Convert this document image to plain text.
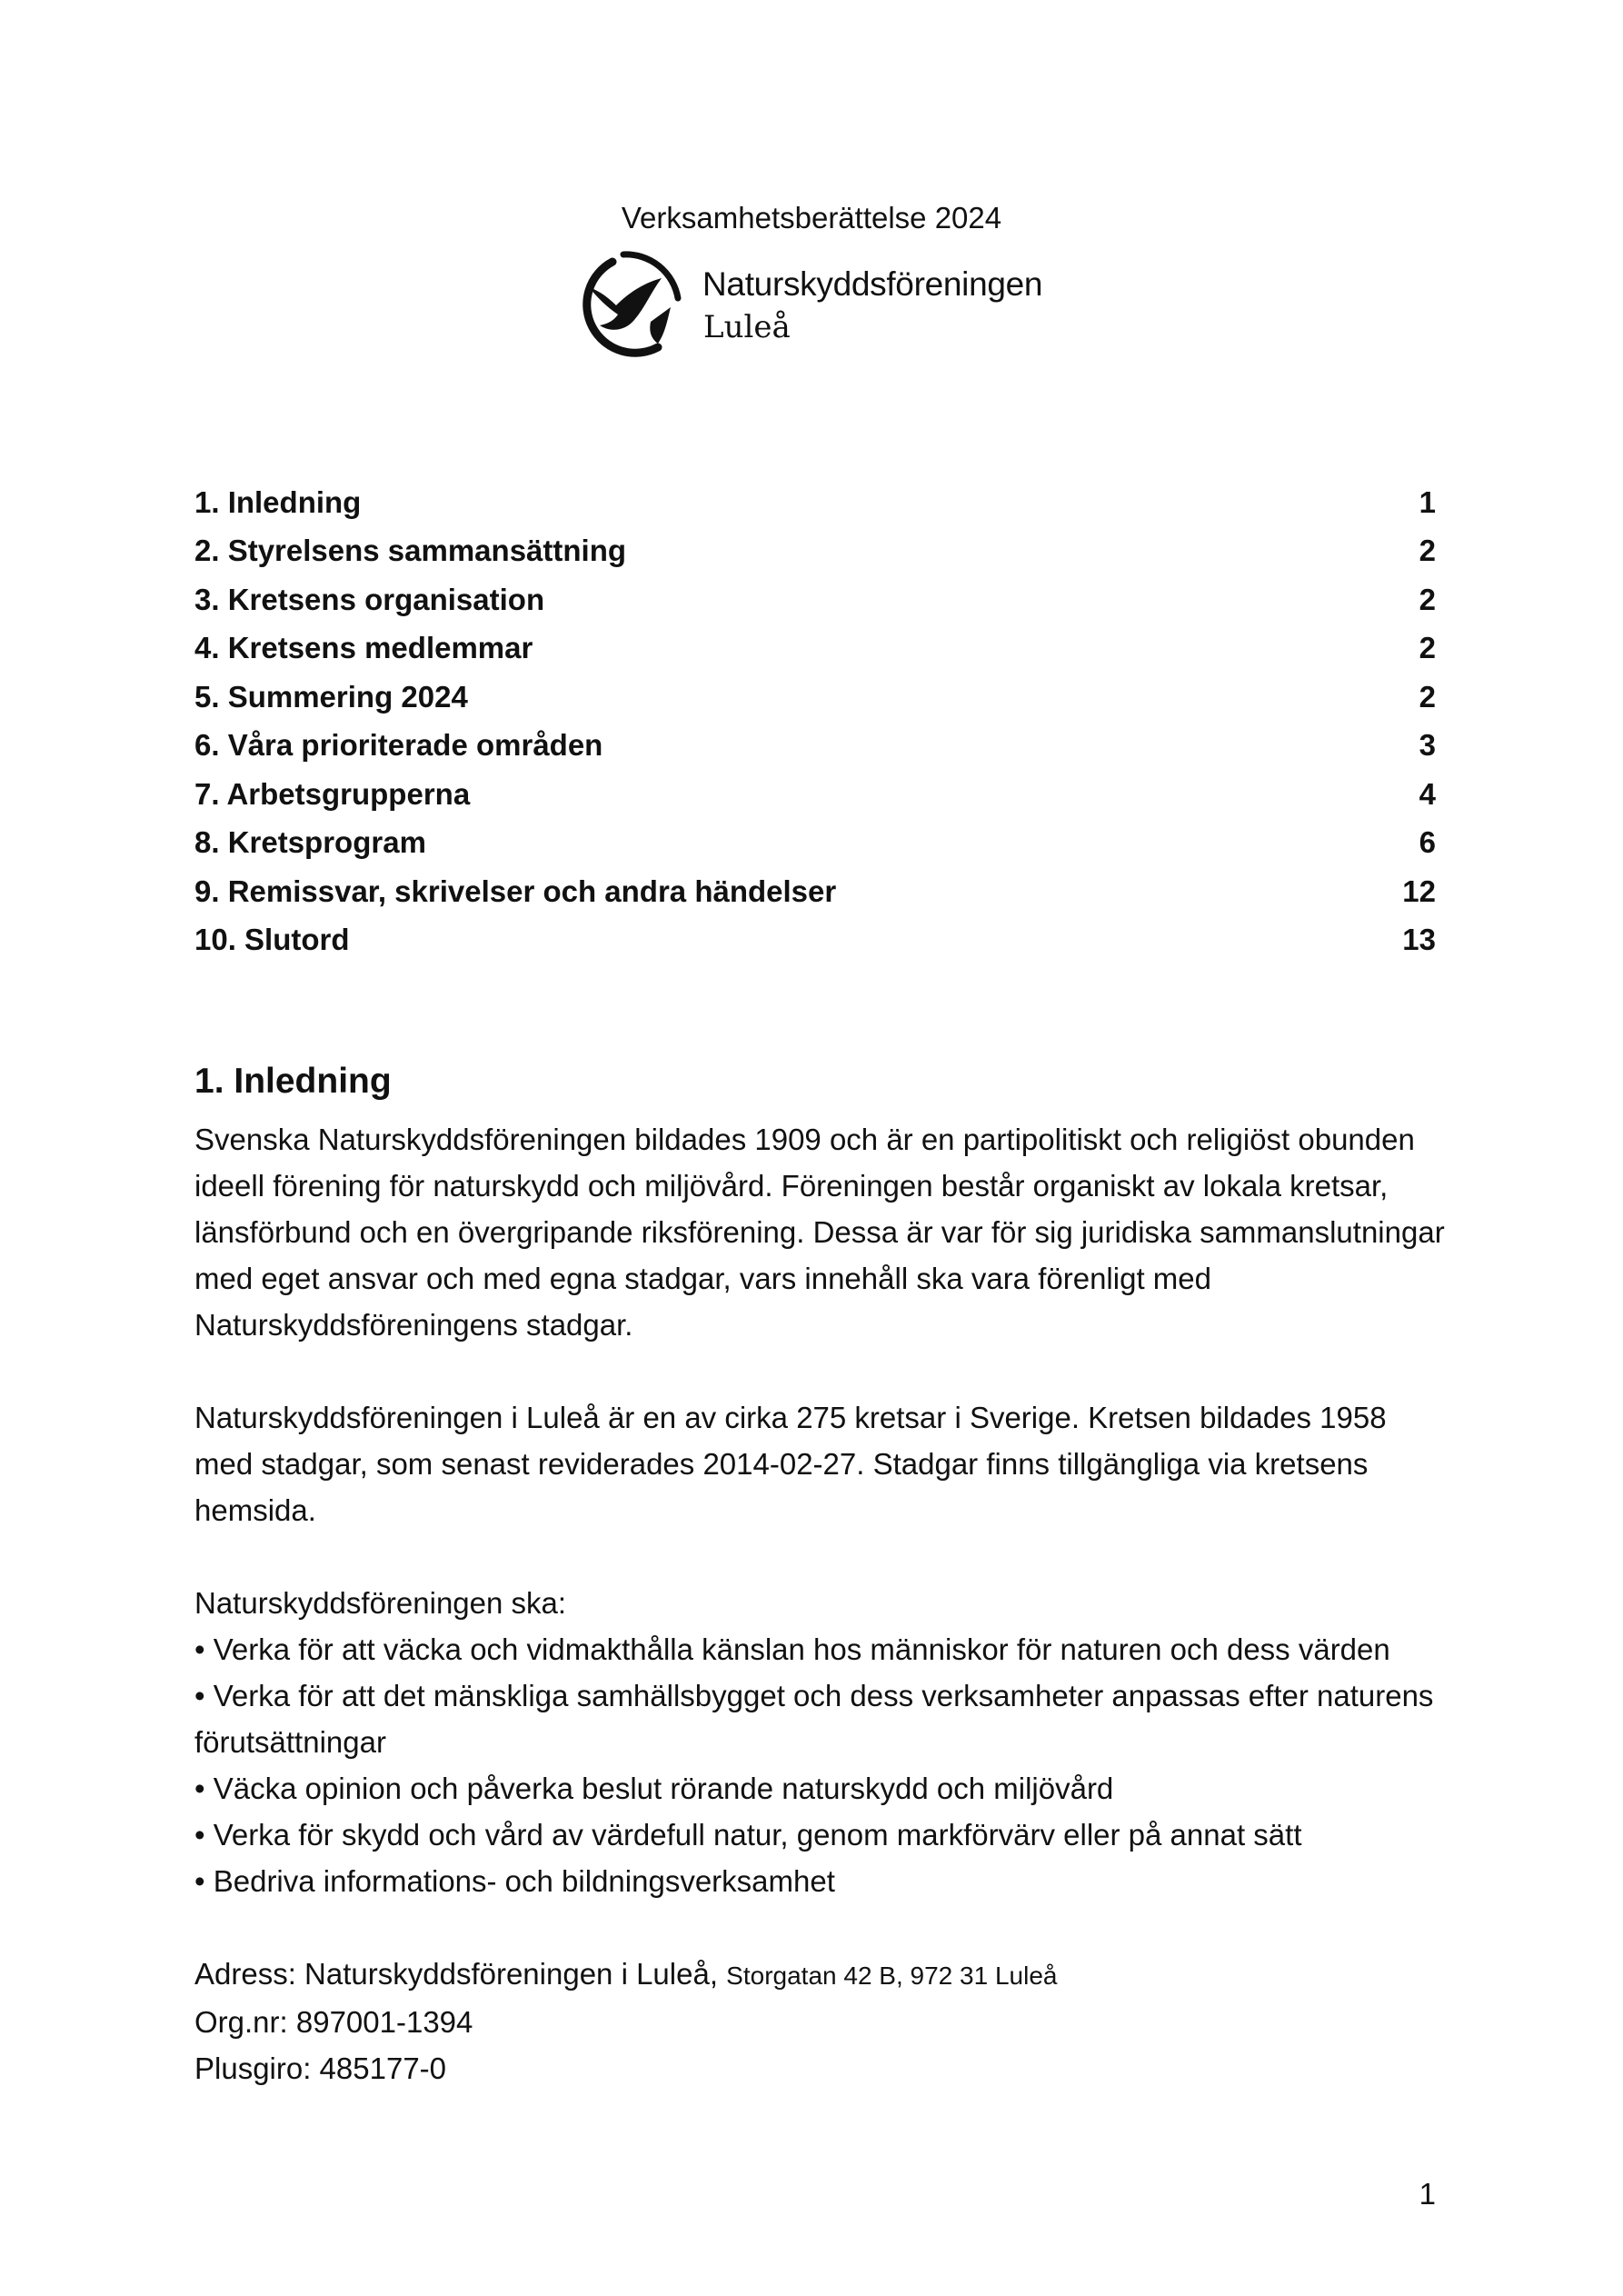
Verksamhetsberättelse 2024
Naturskyddsföreningen
Luleå
1. Inledning	1
2. Styrelsens sammansättning	2
3. Kretsens organisation	2
4. Kretsens medlemmar	2
5. Summering 2024	2
6. Våra prioriterade områden	3
7. Arbetsgrupperna	4
8. Kretsprogram	6
9. Remissvar, skrivelser och andra händelser	12
10. Slutord	13
1. Inledning

Svenska Naturskyddsföreningen bildades 1909 och är en partipolitiskt och religiöst obunden ideell förening för naturskydd och miljövård. Föreningen består organiskt av lokala kretsar, länsförbund och en övergripande riksförening. Dessa är var för sig juridiska sammanslutningar med eget ansvar och med egna stadgar, vars innehåll ska vara förenligt med Naturskyddsföreningens stadgar.

Naturskyddsföreningen i Luleå är en av cirka 275 kretsar i Sverige. Kretsen bildades 1958 med stadgar, som senast reviderades 2014-02-27. Stadgar finns tillgängliga via kretsens hemsida.

Naturskyddsföreningen ska:

• Verka för att väcka och vidmakthålla känslan hos människor för naturen och dess värden
• Verka för att det mänskliga samhällsbygget och dess verksamheter anpassas efter naturens förutsättningar
• Väcka opinion och påverka beslut rörande naturskydd och miljövård
• Verka för skydd och vård av värdefull natur, genom markförvärv eller på annat sätt
• Bedriva informations- och bildningsverksamhet
Adress: Naturskyddsföreningen i Luleå, Storgatan 42 B, 972 31 Luleå
Org.nr: 897001-1394
Plusgiro: 485177-0
1
